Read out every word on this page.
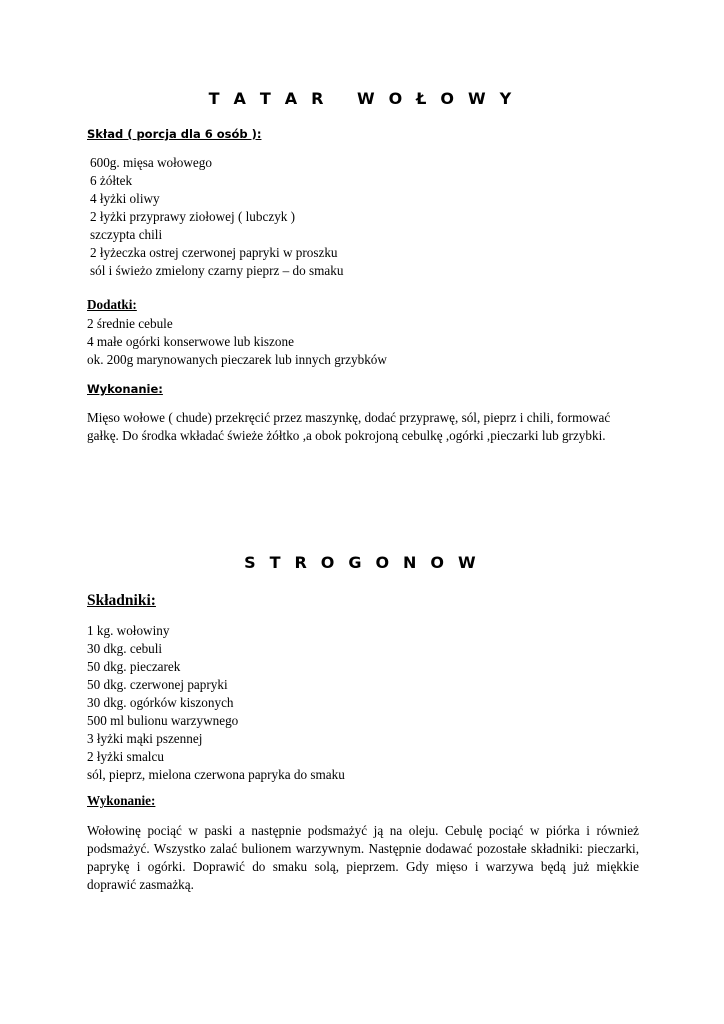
T A T A R   W O Ł O W Y
Skład ( porcja dla 6 osób ):
600g. mięsa wołowego
6 żółtek
4 łyżki oliwy
2 łyżki przyprawy ziołowej ( lubczyk )
szczypta chili
2 łyżeczka ostrej czerwonej papryki w proszku
sól i świeżo zmielony czarny pieprz – do smaku
Dodatki:
2 średnie cebule
4 małe ogórki konserwowe lub kiszone
ok. 200g marynowanych pieczarek lub innych grzybków
Wykonanie:
Mięso wołowe ( chude) przekręcić przez maszynkę, dodać przyprawę, sól, pieprz i chili, formować
gałkę. Do środka wkładać świeże żółtko ,a obok pokrojoną cebulkę ,ogórki ,pieczarki lub grzybki.
S T R O G O N O W
Składniki:
1 kg. wołowiny
30 dkg. cebuli
50 dkg. pieczarek
50 dkg. czerwonej papryki
30 dkg. ogórków kiszonych
500 ml bulionu warzywnego
3 łyżki mąki pszennej
2 łyżki smalcu
sól, pieprz, mielona czerwona papryka do smaku
Wykonanie:
Wołowinę pociąć w paski a następnie podsmażyć ją na oleju. Cebulę pociąć w piórka i również
podsmażyć. Wszystko zalać bulionem warzywnym. Następnie dodawać pozostałe składniki: pieczarki,
paprykę i ogórki. Doprawić do smaku solą, pieprzem. Gdy mięso i warzywa będą już miękkie
doprawić zasmażką.
